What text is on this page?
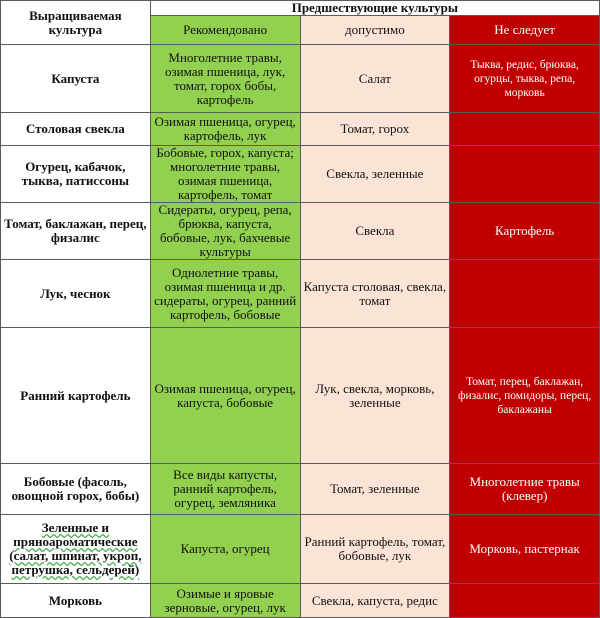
Выращиваемая культура	Предшествующие культуры		
	Рекомендовано	допустимо	Не следует
Капуста	Многолетние травы, озимая пшеница, лук, томат, горох бобы, картофель	Салат	Тыква, редис, брюква, огурцы, тыква, репа, морковь
Столовая свекла	Озимая пшеница, огурец, картофель, лук	Томат, горох	
Огурец, кабачок, тыква, патиссоны	Бобовые, горох, капуста; многолетние травы, озимая пшеница, картофель, томат	Свекла, зеленные	
Томат, баклажан, перец, физалис	Сидераты, огурец, репа, брюква, капуста, бобовые, лук, бахчевые культуры	Свекла	Картофель
Лук, чеснок	Однолетние травы, озимая пшеница и др. сидераты, огурец, ранний картофель, бобовые	Капуста столовая, свекла, томат	
Ранний картофель	Озимая пшеница, огурец, капуста, бобовые	Лук, свекла, морковь, зеленные	Томат, перец, баклажан, физалис, помидоры, перец, баклажаны
Бобовые (фасоль, овощной горох, бобы)	Все виды капусты, ранний картофель, огурец, земляника	Томат, зеленные	Многолетние травы (клевер)
Зеленные и пряноароматические (салат, шпинат, укроп, петрушка, сельдерей)	Капуста, огурец	Ранний картофель, томат, бобовые, лук	Морковь, пастернак
Морковь	Озимые и яровые зерновые, огурец, лук	Свекла, капуста, редис	
